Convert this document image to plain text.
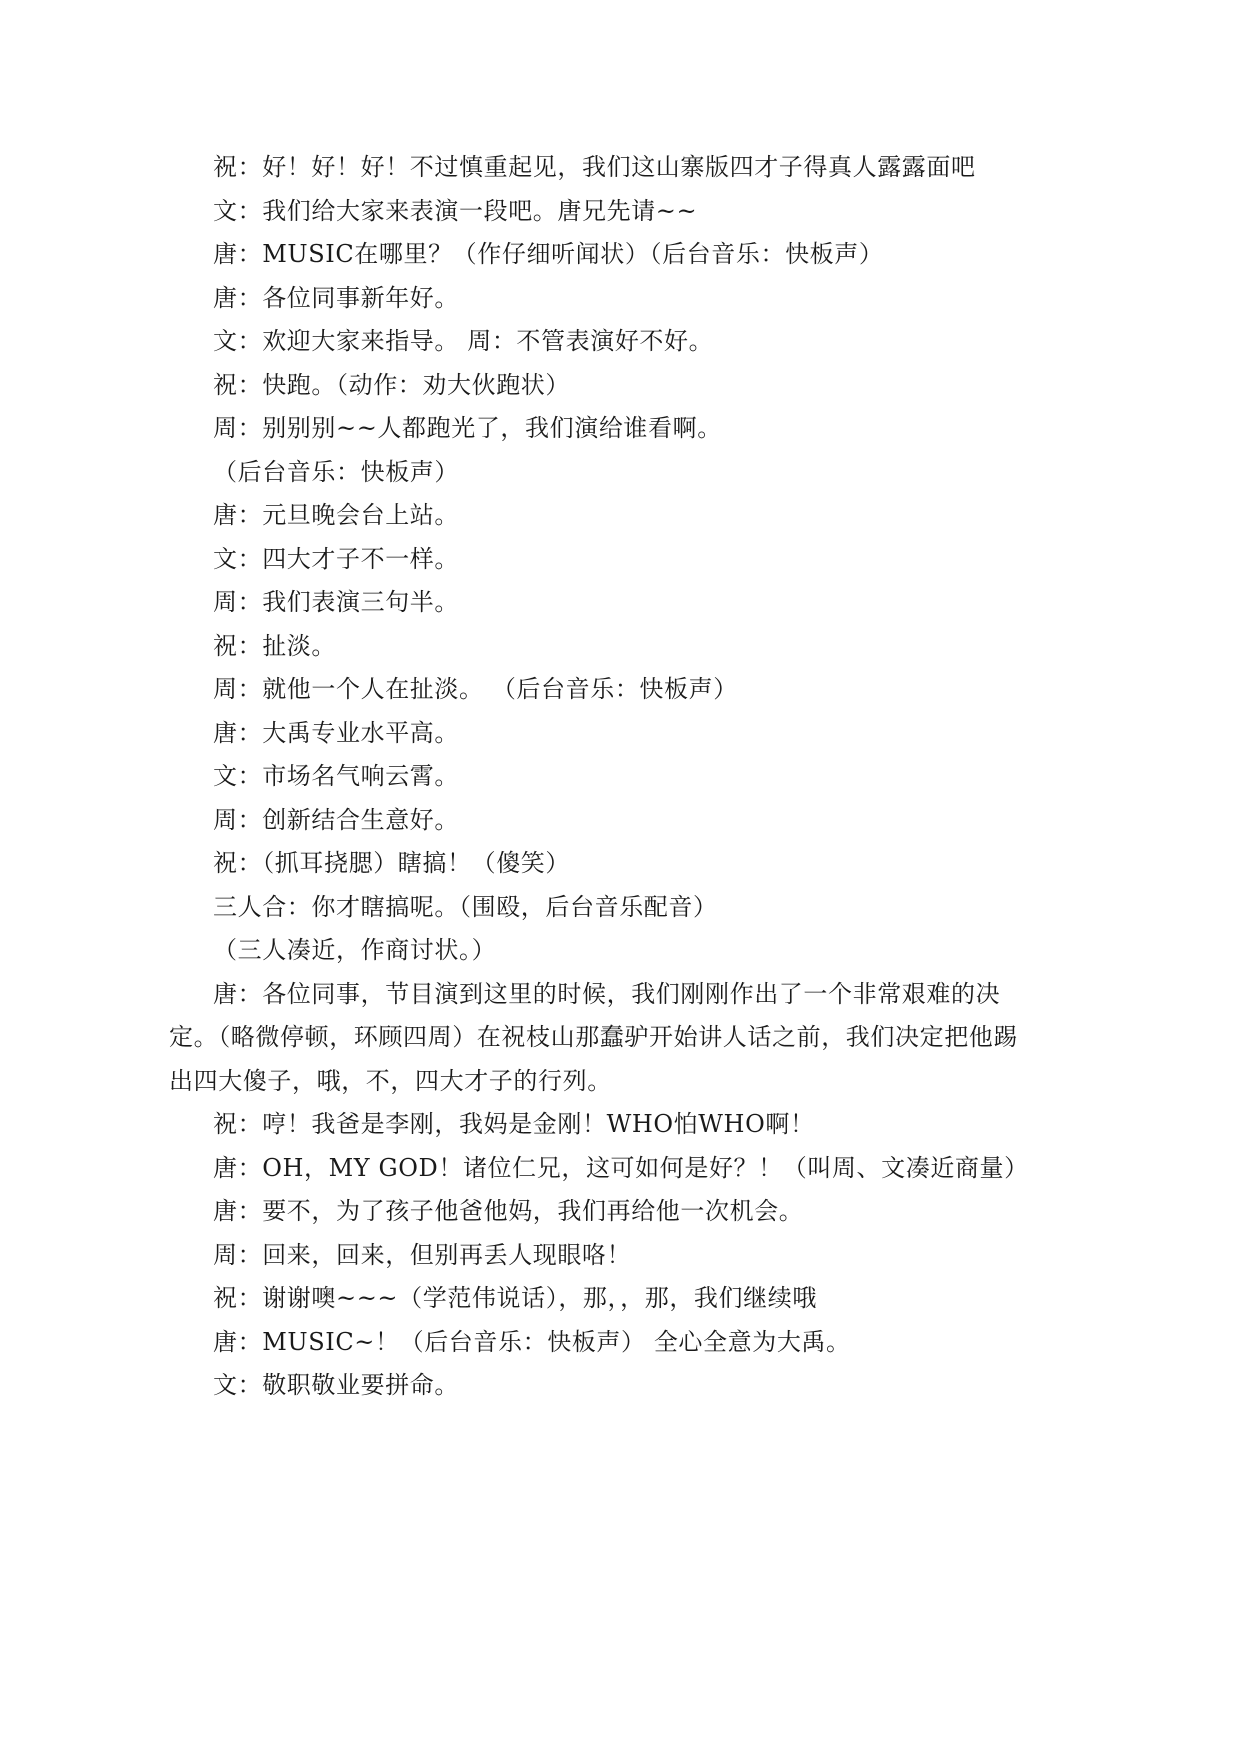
祝：好！好！好！不过慎重起见，我们这山寨版四才子得真人露露面吧
文：我们给大家来表演一段吧。唐兄先请~~
唐：MUSIC在哪里？（作仔细听闻状）（后台音乐：快板声）
唐：各位同事新年好。
文：欢迎大家来指导。 周：不管表演好不好。
祝：快跑。（动作：劝大伙跑状）
周：别别别~~人都跑光了，我们演给谁看啊。
（后台音乐：快板声）
唐：元旦晚会台上站。
文：四大才子不一样。
周：我们表演三句半。
祝：扯淡。
周：就他一个人在扯淡。 （后台音乐：快板声）
唐：大禹专业水平高。
文：市场名气响云霄。
周：创新结合生意好。
祝：（抓耳挠腮）瞎搞！（傻笑）
三人合：你才瞎搞呢。（围殴，后台音乐配音）
（三人凑近，作商讨状。）
唐：各位同事，节目演到这里的时候，我们刚刚作出了一个非常艰难的决
定。（略微停顿，环顾四周）在祝枝山那蠢驴开始讲人话之前，我们决定把他踢
出四大傻子，哦，不，四大才子的行列。
祝：哼！我爸是李刚，我妈是金刚！WHO怕WHO啊！
唐：OH，MY GOD！诸位仁兄，这可如何是好？！（叫周、文凑近商量）
唐：要不，为了孩子他爸他妈，我们再给他一次机会。
周：回来，回来，但别再丢人现眼咯！
祝：谢谢噢~~~（学范伟说话），那，，那，我们继续哦
唐：MUSIC~！（后台音乐：快板声） 全心全意为大禹。
文：敬职敬业要拼命。
